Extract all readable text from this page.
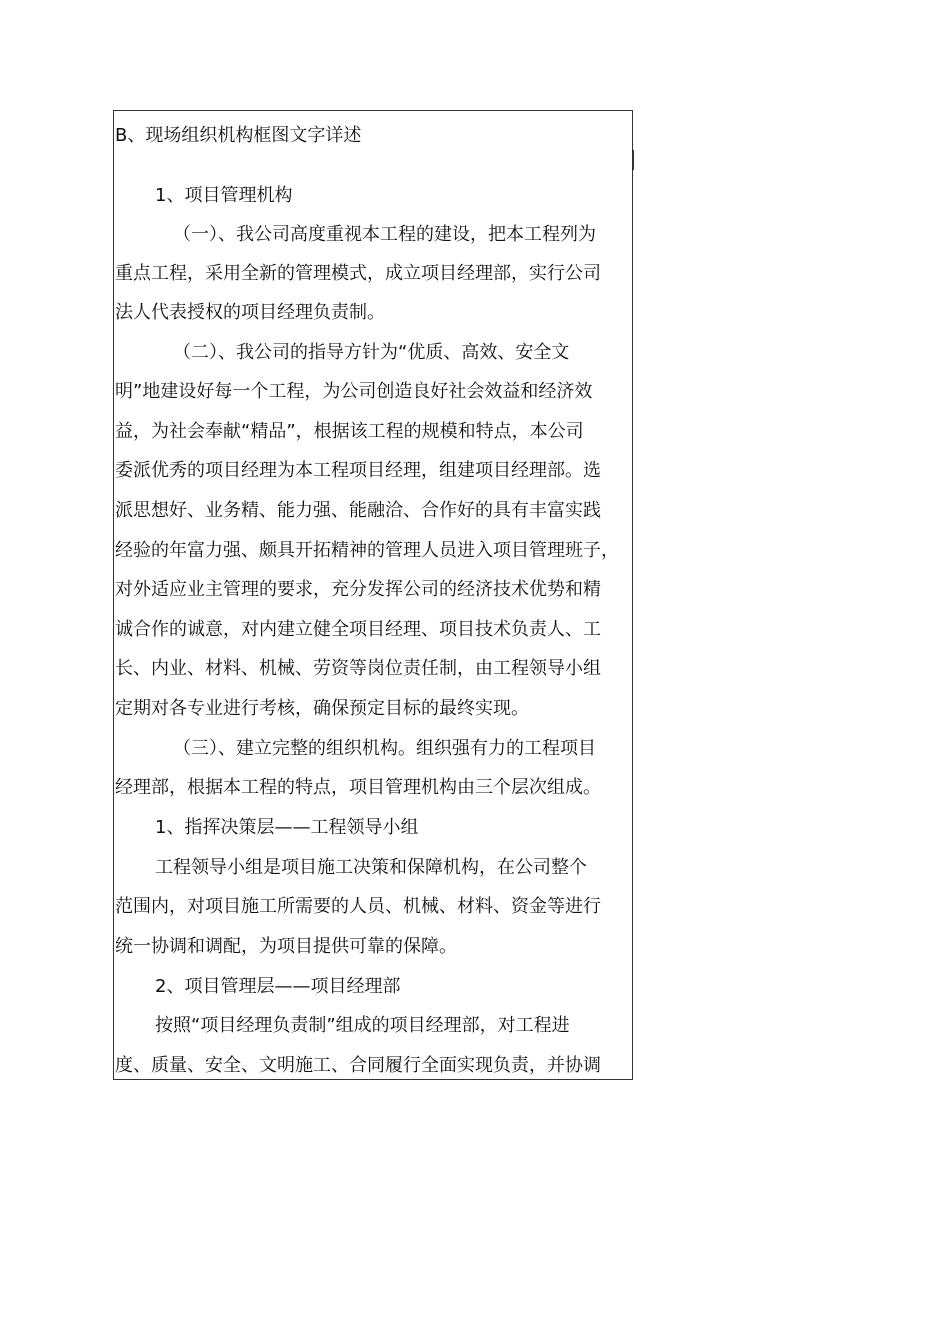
B、现场组织机构框图文字详述
1、项目管理机构
（一）、我公司高度重视本工程的建设，把本工程列为
重点工程，采用全新的管理模式，成立项目经理部，实行公司
法人代表授权的项目经理负责制。
（二）、我公司的指导方针为“优质、高效、安全文
明”地建设好每一个工程，为公司创造良好社会效益和经济效
益，为社会奉献“精品”，根据该工程的规模和特点，本公司
委派优秀的项目经理为本工程项目经理，组建项目经理部。选
派思想好、业务精、能力强、能融洽、合作好的具有丰富实践
经验的年富力强、颇具开拓精神的管理人员进入项目管理班子，
对外适应业主管理的要求，充分发挥公司的经济技术优势和精
诚合作的诚意，对内建立健全项目经理、项目技术负责人、工
长、内业、材料、机械、劳资等岗位责任制，由工程领导小组
定期对各专业进行考核，确保预定目标的最终实现。
（三）、建立完整的组织机构。组织强有力的工程项目
经理部，根据本工程的特点，项目管理机构由三个层次组成。
1、指挥决策层——工程领导小组
工程领导小组是项目施工决策和保障机构，在公司整个
范围内，对项目施工所需要的人员、机械、材料、资金等进行
统一协调和调配，为项目提供可靠的保障。
2、项目管理层——项目经理部
按照“项目经理负责制”组成的项目经理部，对工程进
度、质量、安全、文明施工、合同履行全面实现负责，并协调
